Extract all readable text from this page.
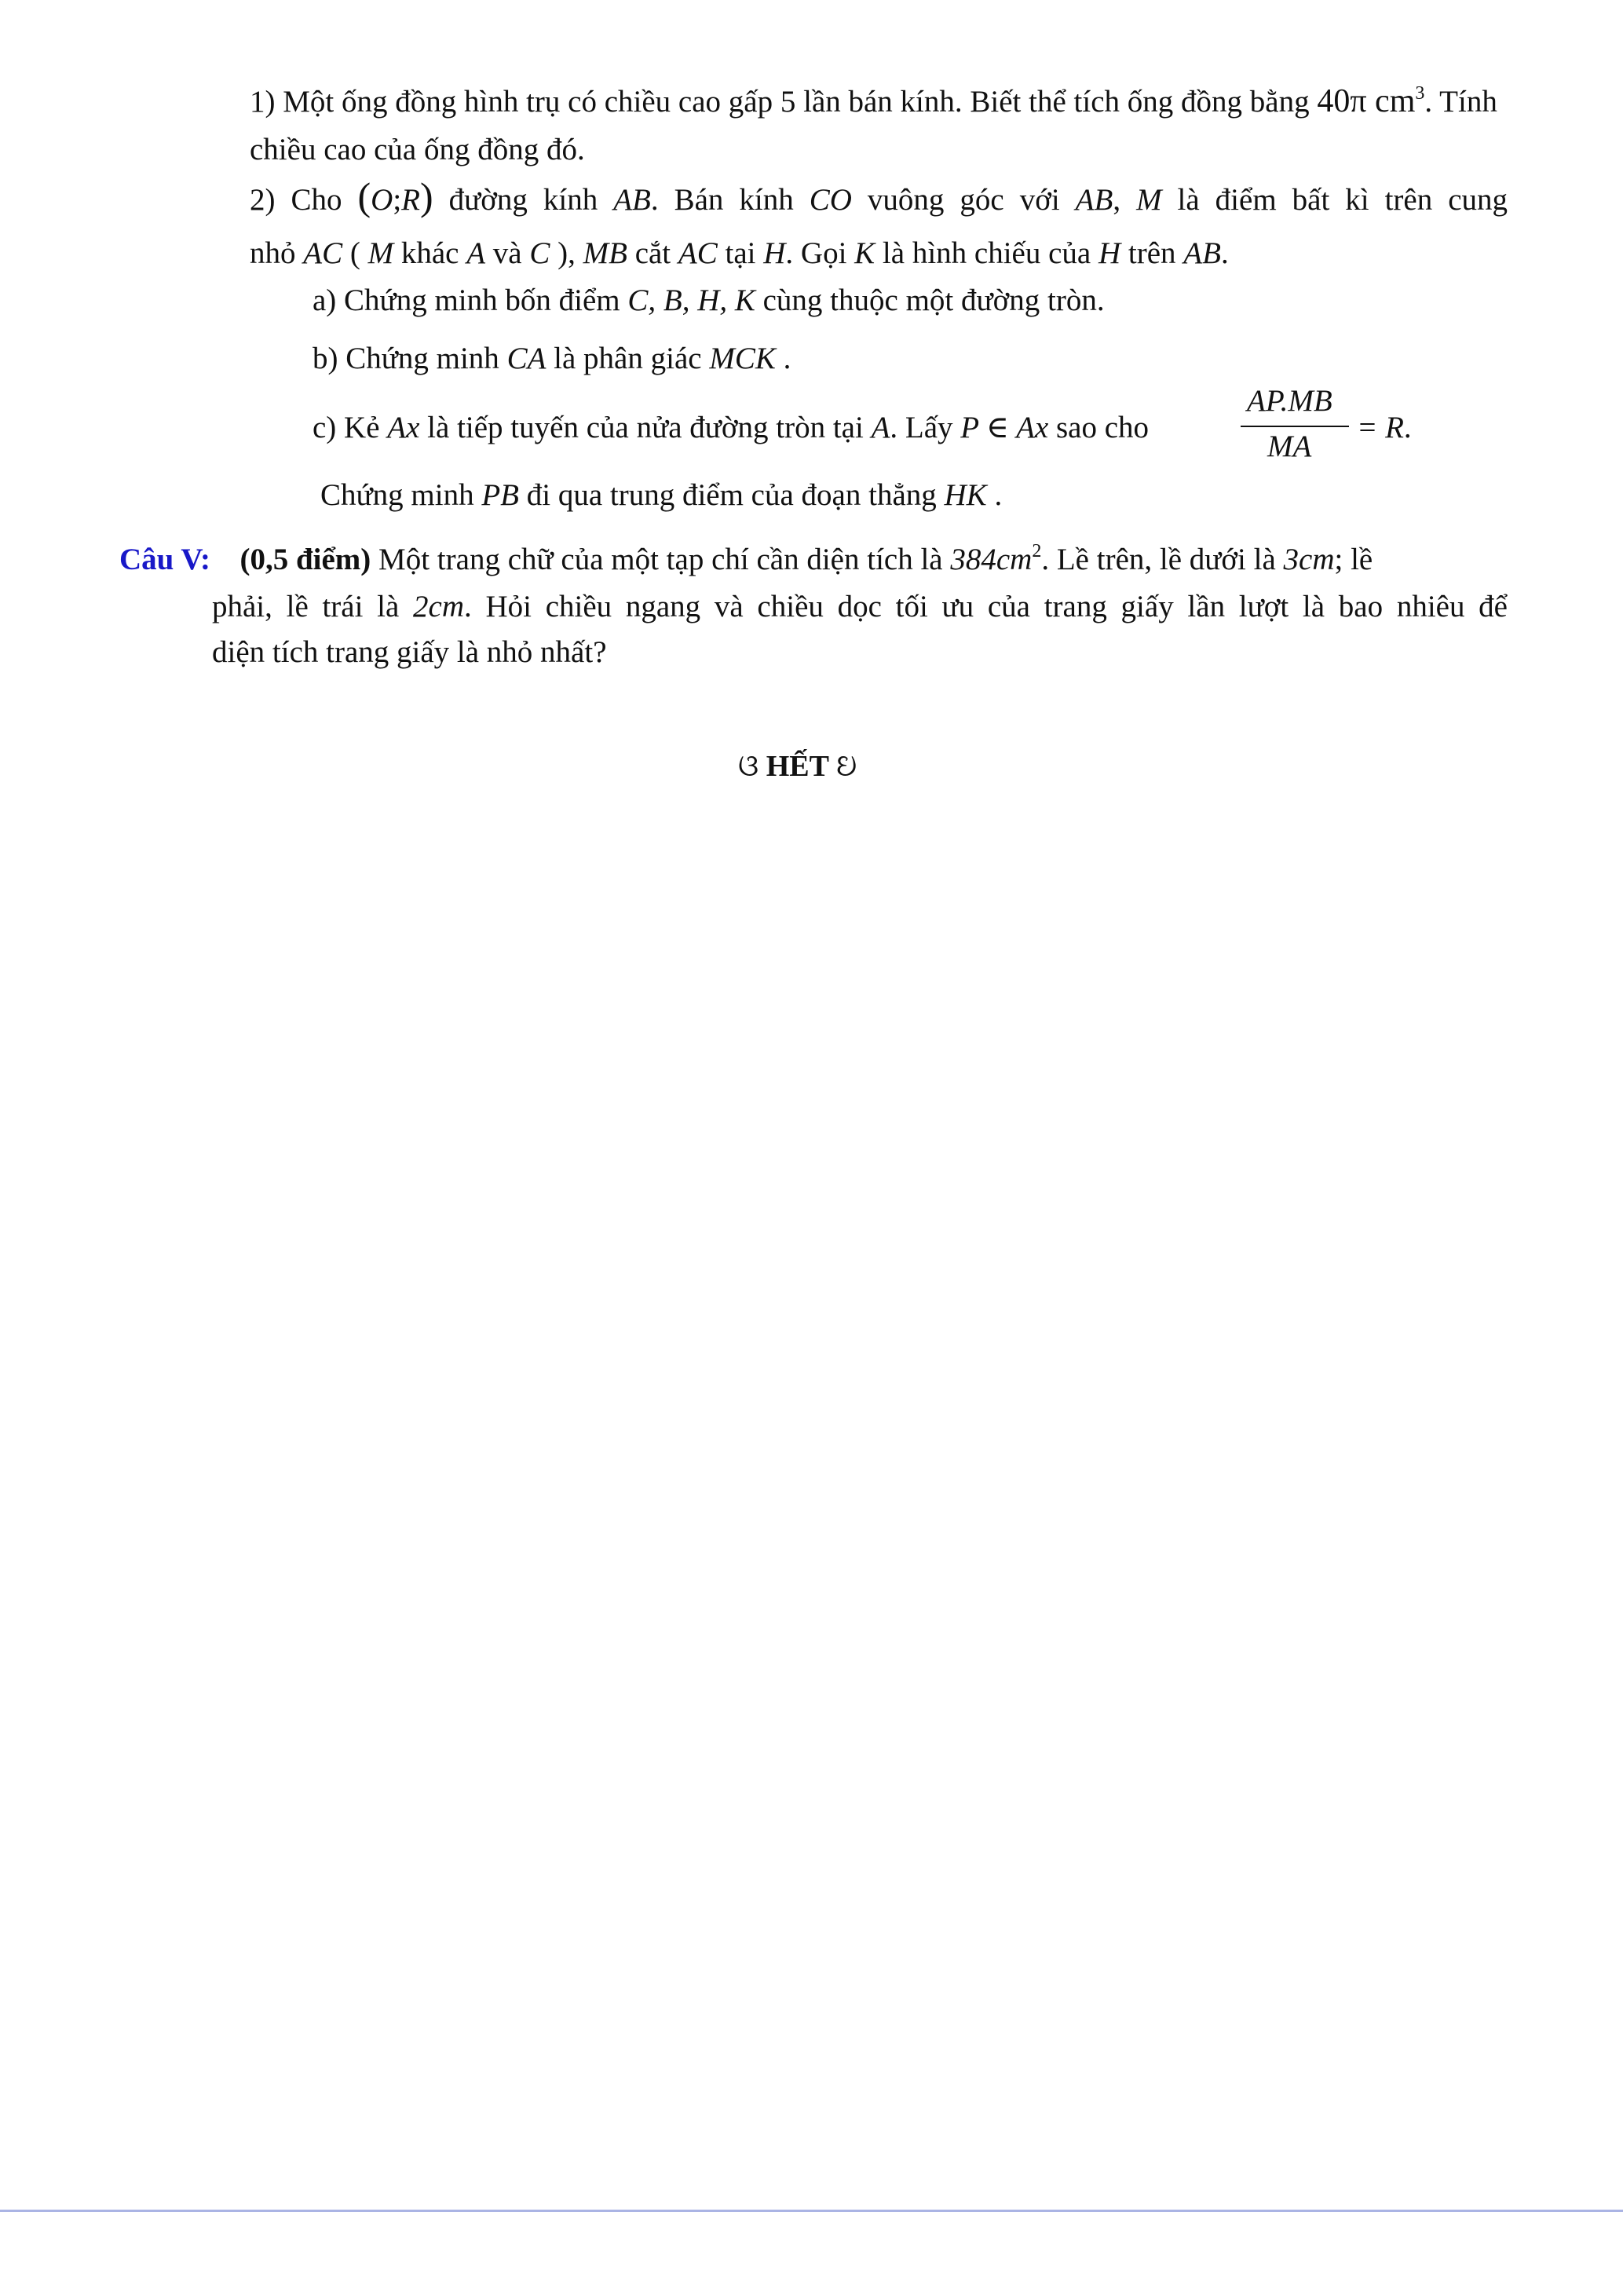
1) Một ống đồng hình trụ có chiều cao gấp 5 lần bán kính. Biết thể tích ống đồng bằng 40π $cm^3$. Tính
chiều cao của ống đồng đó.
2) Cho (O;R) đường kính AB. Bán kính CO vuông góc với AB, M là điểm bất kì trên cung
nhỏ AC ( M khác A và C ), MB cắt AC tại H. Gọi K là hình chiếu của H trên AB.
a) Chứng minh bốn điểm C, B, H, K cùng thuộc một đường tròn.
b) Chứng minh CA là phân giác MCK .
c) Kẻ Ax là tiếp tuyến của nửa đường tròn tại A. Lấy P ∈ Ax sao cho
AP.MB
MA
= R.
Chứng minh PB đi qua trung điểm của đoạn thẳng HK .
Câu V: (0,5 điểm) Một trang chữ của một tạp chí cần diện tích là $384cm^2$. Lề trên, lề dưới là 3cm; lề
phải, lề trái là 2cm. Hỏi chiều ngang và chiều dọc tối ưu của trang giấy lần lượt là bao nhiêu để
diện tích trang giấy là nhỏ nhất?
ଓ HẾT ଓ
